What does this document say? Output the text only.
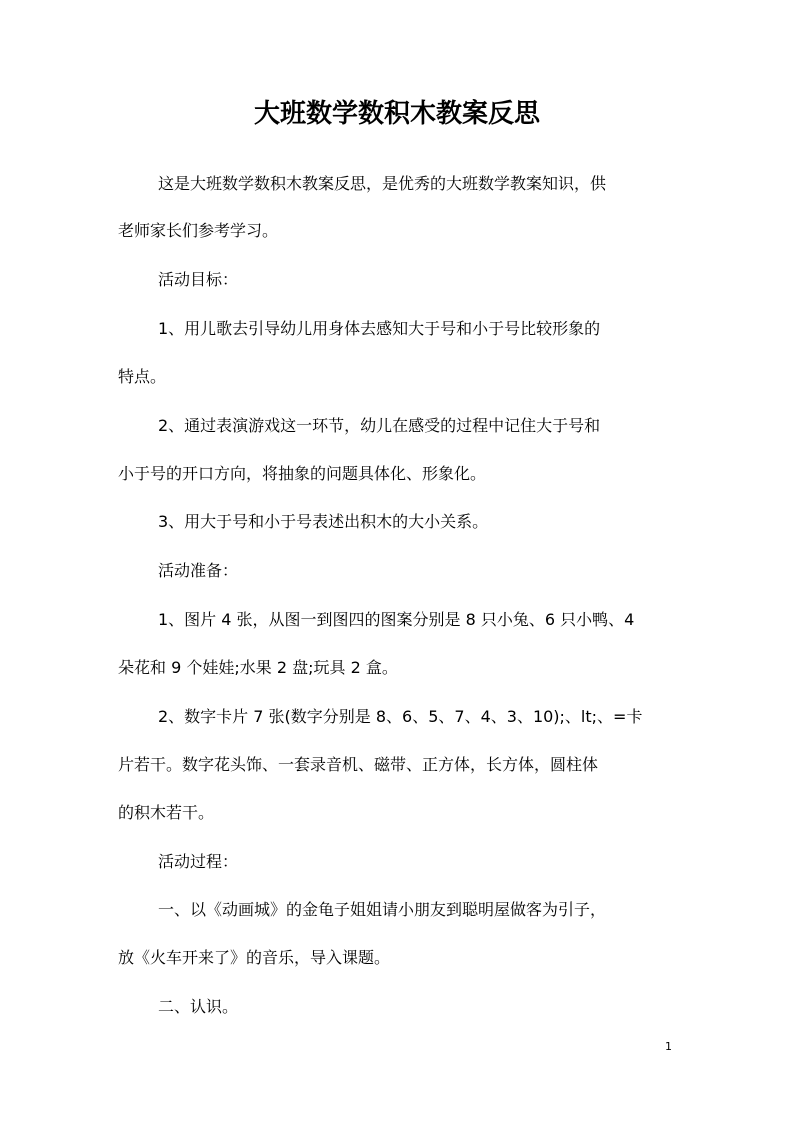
大班数学数积木教案反思
这是大班数学数积木教案反思，是优秀的大班数学教案知识，供
老师家长们参考学习。
活动目标：
1、用儿歌去引导幼儿用身体去感知大于号和小于号比较形象的
特点。
2、通过表演游戏这一环节，幼儿在感受的过程中记住大于号和
小于号的开口方向，将抽象的问题具体化、形象化。
3、用大于号和小于号表述出积木的大小关系。
活动准备：
1、图片 4 张，从图一到图四的图案分别是 8 只小兔、6 只小鸭、4
朵花和 9 个娃娃;水果 2 盘;玩具 2 盒。
2、数字卡片 7 张(数字分别是 8、6、5、7、4、3、10);、lt;、=卡
片若干。数字花头饰、一套录音机、磁带、正方体，长方体，圆柱体
的积木若干。
活动过程：
一、以《动画城》的金龟子姐姐请小朋友到聪明屋做客为引子，
放《火车开来了》的音乐，导入课题。
二、认识。
1
